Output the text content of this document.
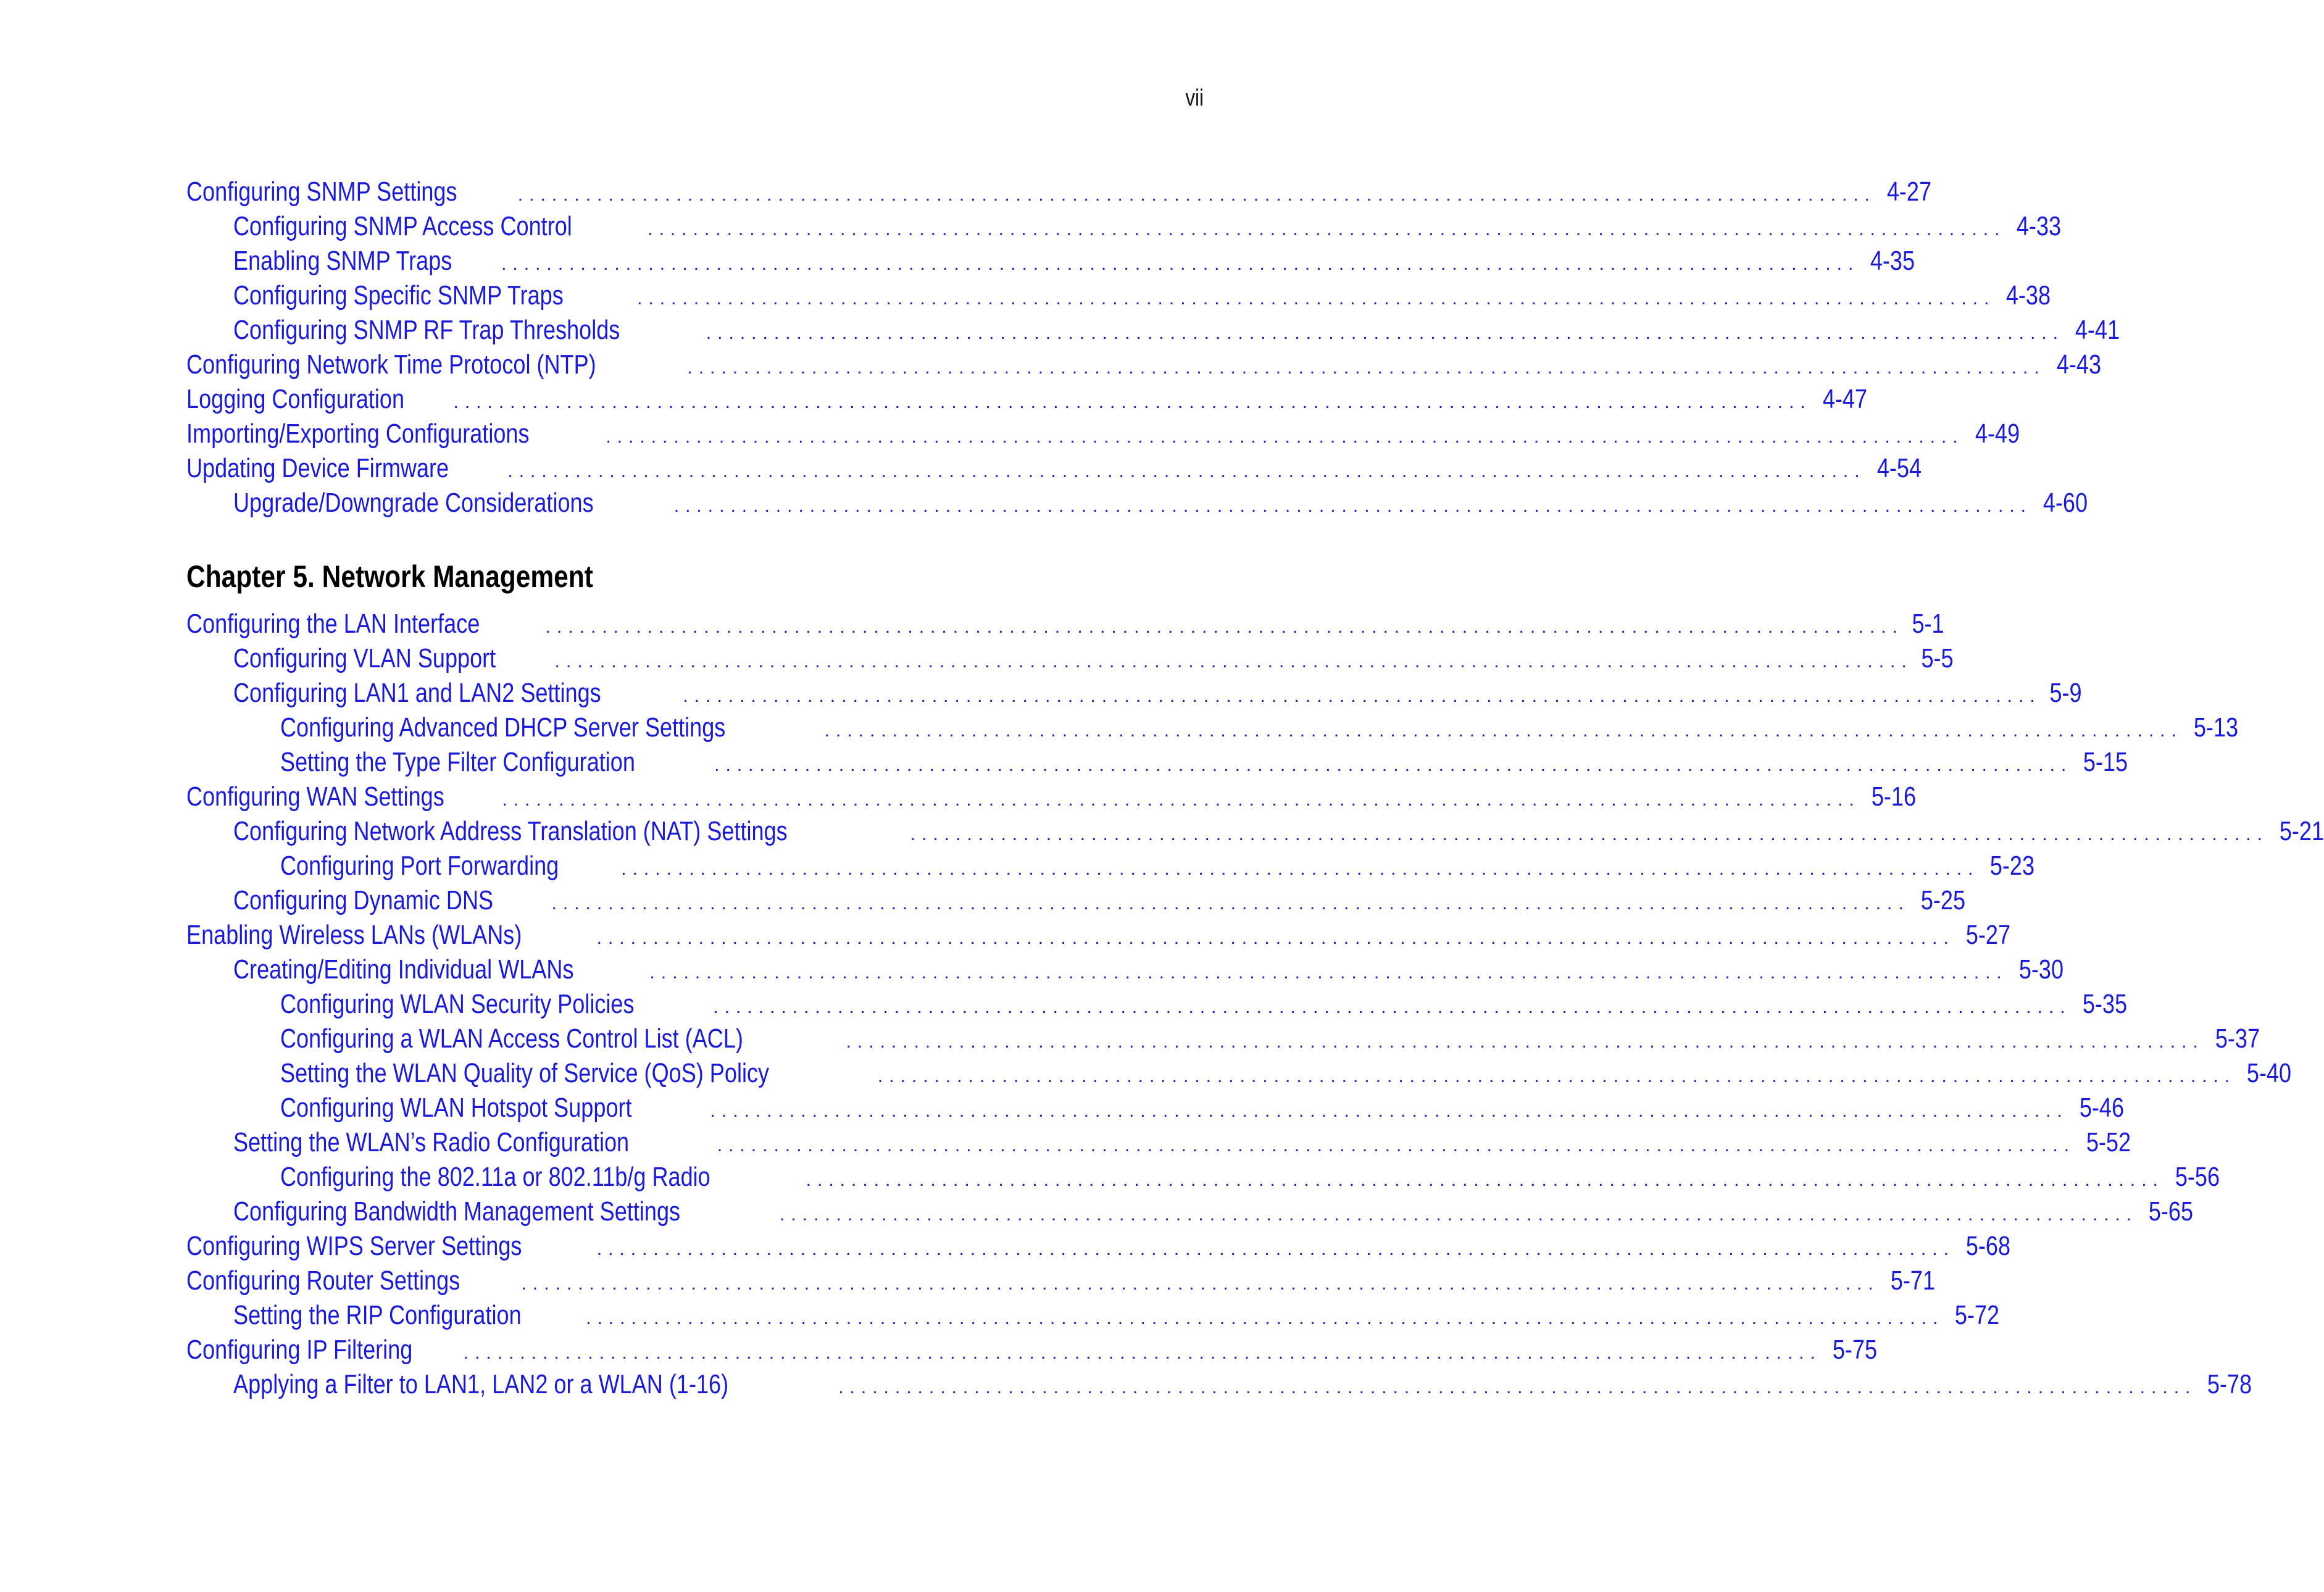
vii
Configuring SNMP Settings	........................................................................................................................ 4-27
Configuring SNMP Access Control	........................................................................................................................ 4-33
Enabling SNMP Traps	........................................................................................................................ 4-35
Configuring Specific SNMP Traps	........................................................................................................................ 4-38
Configuring SNMP RF Trap Thresholds	........................................................................................................................ 4-41
Configuring Network Time Protocol (NTP)	........................................................................................................................ 4-43
Logging Configuration	........................................................................................................................ 4-47
Importing/Exporting Configurations	........................................................................................................................ 4-49
Updating Device Firmware	........................................................................................................................ 4-54
Upgrade/Downgrade Considerations	........................................................................................................................ 4-60
Chapter 5. Network Management
Configuring the LAN Interface	........................................................................................................................ 5-1
Configuring VLAN Support	........................................................................................................................ 5-5
Configuring LAN1 and LAN2 Settings	........................................................................................................................ 5-9
Configuring Advanced DHCP Server Settings	........................................................................................................................ 5-13
Setting the Type Filter Configuration	........................................................................................................................ 5-15
Configuring WAN Settings	........................................................................................................................ 5-16
Configuring Network Address Translation (NAT) Settings	........................................................................................................................ 5-21
Configuring Port Forwarding	........................................................................................................................ 5-23
Configuring Dynamic DNS	........................................................................................................................ 5-25
Enabling Wireless LANs (WLANs)	........................................................................................................................ 5-27
Creating/Editing Individual WLANs	........................................................................................................................ 5-30
Configuring WLAN Security Policies	........................................................................................................................ 5-35
Configuring a WLAN Access Control List (ACL)	........................................................................................................................ 5-37
Setting the WLAN Quality of Service (QoS) Policy	........................................................................................................................ 5-40
Configuring WLAN Hotspot Support	........................................................................................................................ 5-46
Setting the WLAN’s Radio Configuration	........................................................................................................................ 5-52
Configuring the 802.11a or 802.11b/g Radio	........................................................................................................................ 5-56
Configuring Bandwidth Management Settings	........................................................................................................................ 5-65
Configuring WIPS Server Settings	........................................................................................................................ 5-68
Configuring Router Settings	........................................................................................................................ 5-71
Setting the RIP Configuration	........................................................................................................................ 5-72
Configuring IP Filtering	........................................................................................................................ 5-75
Applying a Filter to LAN1, LAN2 or a WLAN (1-16)	........................................................................................................................ 5-78
